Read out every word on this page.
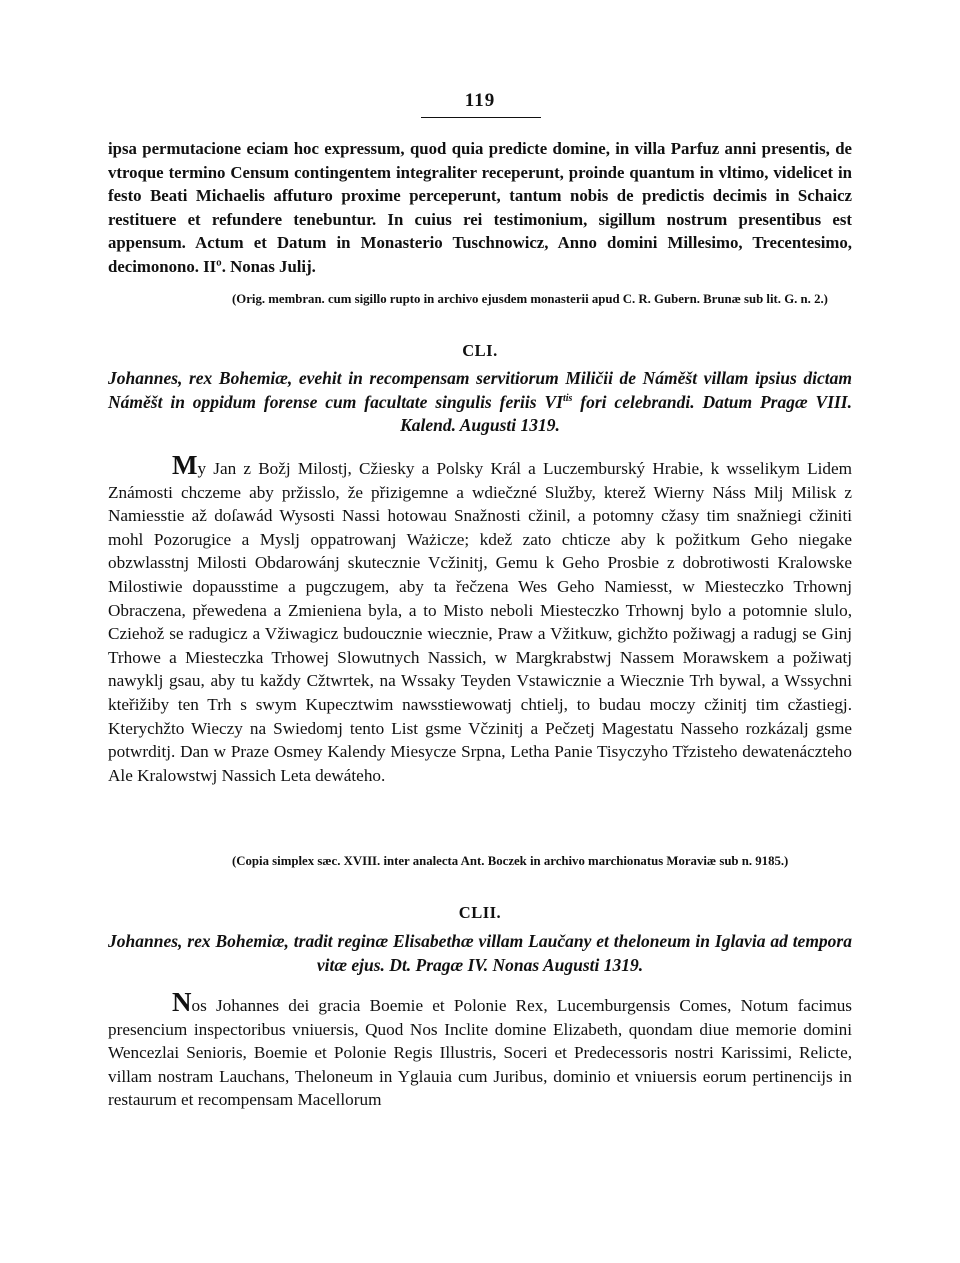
119

ipsa permutacione eciam hoc expressum, quod quia predicte domine, in villa Parfuz anni presentis, de vtroque termino Censum contingentem integraliter receperunt, proinde quantum in vltimo, videlicet in festo Beati Michaelis affuturo proxime perceperunt, tantum nobis de predictis decimis in Schaicz restituere et refundere tenebuntur. In cuius rei testimonium, sigillum nostrum presentibus est appensum. Actum et Datum in Monasterio Tuschnowicz, Anno domini Millesimo, Trecentesimo, decimonono. IIº. Nonas Julij.

(Orig. membran. cum sigillo rupto in archivo ejusdem monasterii apud C. R. Gubern. Brunæ sub lit. G. n. 2.)

CLI.

Johannes, rex Bohemiæ, evehit in recompensam servitiorum Miličii de Náměšt villam ipsius dictam Náměšt in oppidum forense cum facultate singulis feriis $VI^{tis}$ fori celebrandi. Datum Pragæ VIII. Kalend. Augusti 1319.

My Jan z Božj Milostj, Cžiesky a Polsky Král a Luczemburský Hrabie, k wsselikym Lidem Známosti chczeme aby pržisslo, že přizigemne a wdiečzné Služby, kterež Wierny Náss Milj Milisk z Namiesstie až doſawád Wysosti Nassi hotowau Snažnosti cžinil, a potomny cžasy tim snažniegi cžiniti mohl Pozorugice a Myslj oppatrowanj Ważicze; kdež zato chticze aby k požitkum Geho niegake obzwlasstnj Milosti Obdarowánj skutecznie Vcžinitj, Gemu k Geho Prosbie z dobrotiwosti Kralowske Milostiwie dopausstime a pugczugem, aby ta řečzena Wes Geho Namiesst, w Miesteczko Trhownj Obraczena, přewedena a Zmieniena byla, a to Misto neboli Miesteczko Trhownj bylo a potomnie slulo, Cziehož se radugicz a Vžiwagicz budoucznie wiecznie, Praw a Vžitkuw, gichžto požiwagj a radugj se Ginj Trhowe a Miesteczka Trhowej Slowutnych Nassich, w Margkrabstwj Nassem Morawskem a požiwatj nawyklj gsau, aby tu každy Cžtwrtek, na Wssaky Teyden Vstawicznie a Wiecznie Trh bywal, a Wssychni kteřižiby ten Trh s swym Kupecztwim nawsstiewowatj chtielj, to budau moczy cžinitj tim cžastiegj. Kterychžto Wieczy na Swiedomj tento List gsme Včzinitj a Pečzetj Magestatu Nasseho rozkázalj gsme potwrditj. Dan w Praze Osmey Kalendy Miesycze Srpna, Letha Panie Tisyczyho Třzisteho dewatenáczteho Ale Kralowstwj Nassich Leta dewáteho.

(Copia simplex sæc. XVIII. inter analecta Ant. Boczek in archivo marchionatus Moraviæ sub n. 9185.)

CLII.

Johannes, rex Bohemiæ, tradit reginæ Elisabethæ villam Laučany et theloneum in Iglavia ad tempora vitæ ejus. Dt. Pragæ IV. Nonas Augusti 1319.

Nos Johannes dei gracia Boemie et Polonie Rex, Lucemburgensis Comes, Notum facimus presencium inspectoribus vniuersis, Quod Nos Inclite domine Elizabeth, quondam diue memorie domini Wencezlai Senioris, Boemie et Polonie Regis Illustris, Soceri et Predecessoris nostri Karissimi, Relicte, villam nostram Lauchans, Theloneum in Yglauia cum Juribus, dominio et vniuersis eorum pertinencijs in restaurum et recompensam Macellorum
